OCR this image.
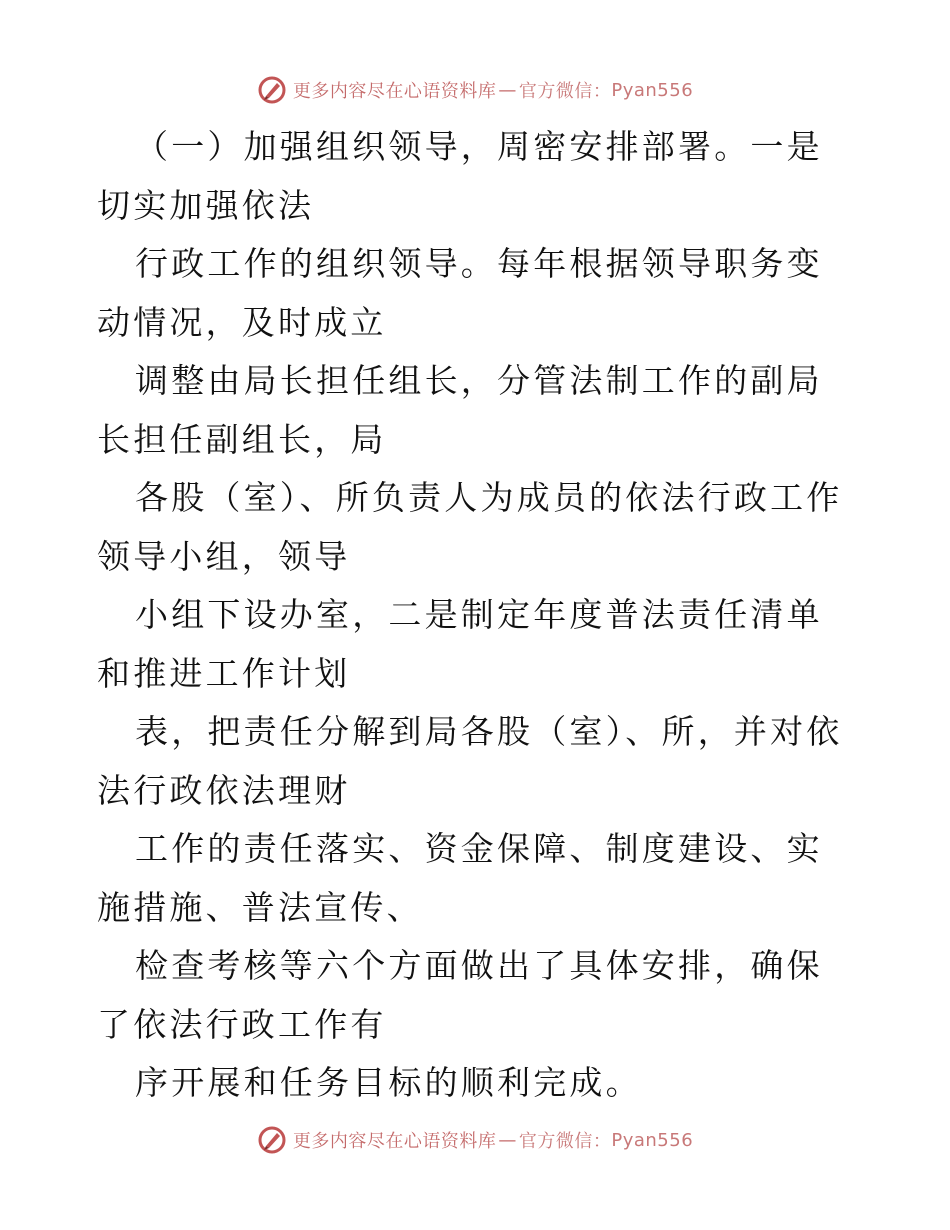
更多内容尽在心语资料库 — 官方微信： Pyan556

（一）加强组织领导，周密安排部署。一是切实加强依法

行政工作的组织领导。每年根据领导职务变动情况，及时成立

调整由局长担任组长，分管法制工作的副局长担任副组长，局

各股（室）、所负责人为成员的依法行政工作领导小组，领导

小组下设办室，二是制定年度普法责任清单和推进工作计划

表，把责任分解到局各股（室）、所，并对依法行政依法理财

工作的责任落实、资金保障、制度建设、实施措施、普法宣传、

检查考核等六个方面做出了具体安排，确保了依法行政工作有

序开展和任务目标的顺利完成。

更多内容尽在心语资料库 — 官方微信： Pyan556
